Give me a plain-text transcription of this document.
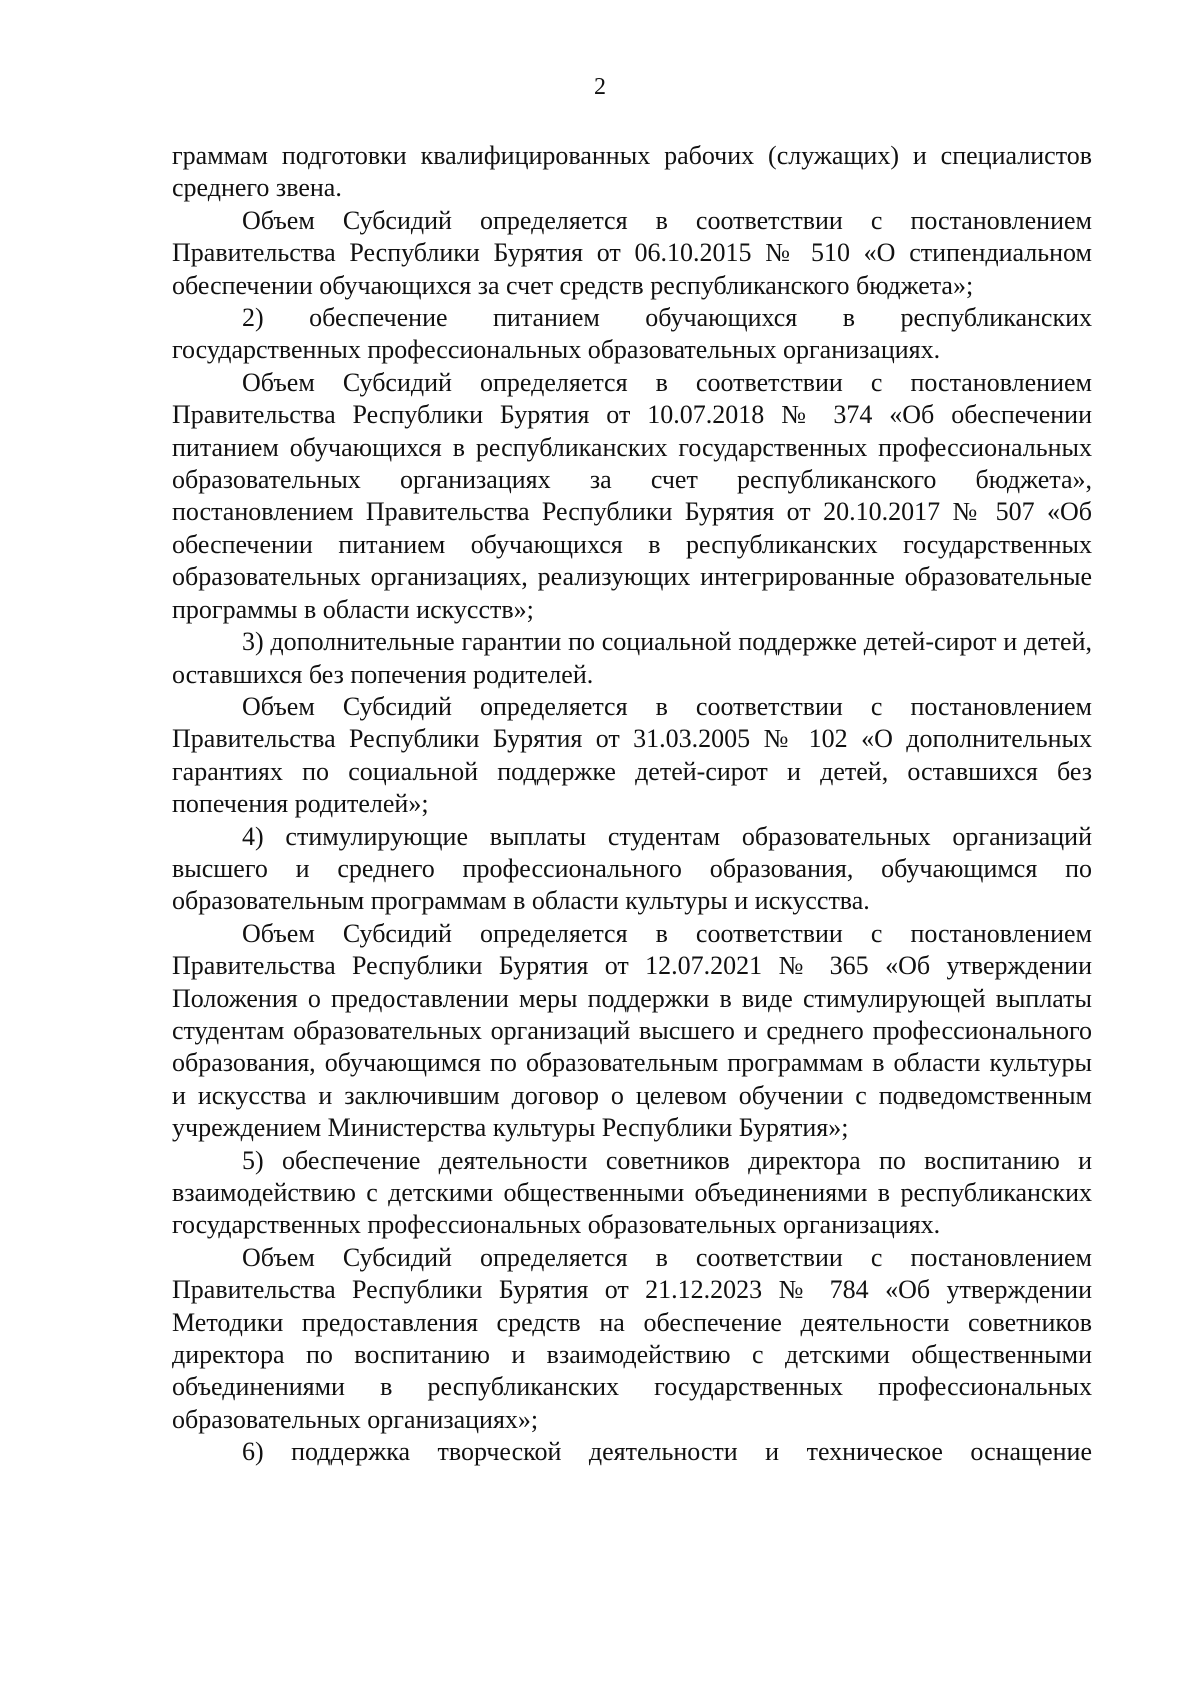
2

граммам подготовки квалифицированных рабочих (служащих) и специалистов среднего звена.

Объем Субсидий определяется в соответствии с постановлением Правительства Республики Бурятия от 06.10.2015 № 510 «О стипендиальном обеспечении обучающихся за счет средств республиканского бюджета»;

2) обеспечение питанием обучающихся в республиканских государственных профессиональных образовательных организациях.

Объем Субсидий определяется в соответствии с постановлением Правительства Республики Бурятия от 10.07.2018 № 374 «Об обеспечении питанием обучающихся в республиканских государственных профессиональных образовательных организациях за счет республиканского бюджета», постановлением Правительства Республики Бурятия от 20.10.2017 № 507 «Об обеспечении питанием обучающихся в республиканских государственных образовательных организациях, реализующих интегрированные образовательные программы в области искусств»;

3) дополнительные гарантии по социальной поддержке детей-сирот и детей, оставшихся без попечения родителей.

Объем Субсидий определяется в соответствии с постановлением Правительства Республики Бурятия от 31.03.2005 № 102 «О дополнительных гарантиях по социальной поддержке детей-сирот и детей, оставшихся без попечения родителей»;

4) стимулирующие выплаты студентам образовательных организаций высшего и среднего профессионального образования, обучающимся по образовательным программам в области культуры и искусства.

Объем Субсидий определяется в соответствии с постановлением Правительства Республики Бурятия от 12.07.2021 № 365 «Об утверждении Положения о предоставлении меры поддержки в виде стимулирующей выплаты студентам образовательных организаций высшего и среднего профессионального образования, обучающимся по образовательным программам в области культуры и искусства и заключившим договор о целевом обучении с подведомственным учреждением Министерства культуры Республики Бурятия»;

5) обеспечение деятельности советников директора по воспитанию и взаимодействию с детскими общественными объединениями в республиканских государственных профессиональных образовательных организациях.

Объем Субсидий определяется в соответствии с постановлением Правительства Республики Бурятия от 21.12.2023 № 784 «Об утверждении Методики предоставления средств на обеспечение деятельности советников директора по воспитанию и взаимодействию с детскими общественными объединениями в республиканских государственных профессиональных образовательных организациях»;

6) поддержка творческой деятельности и техническое оснащение
